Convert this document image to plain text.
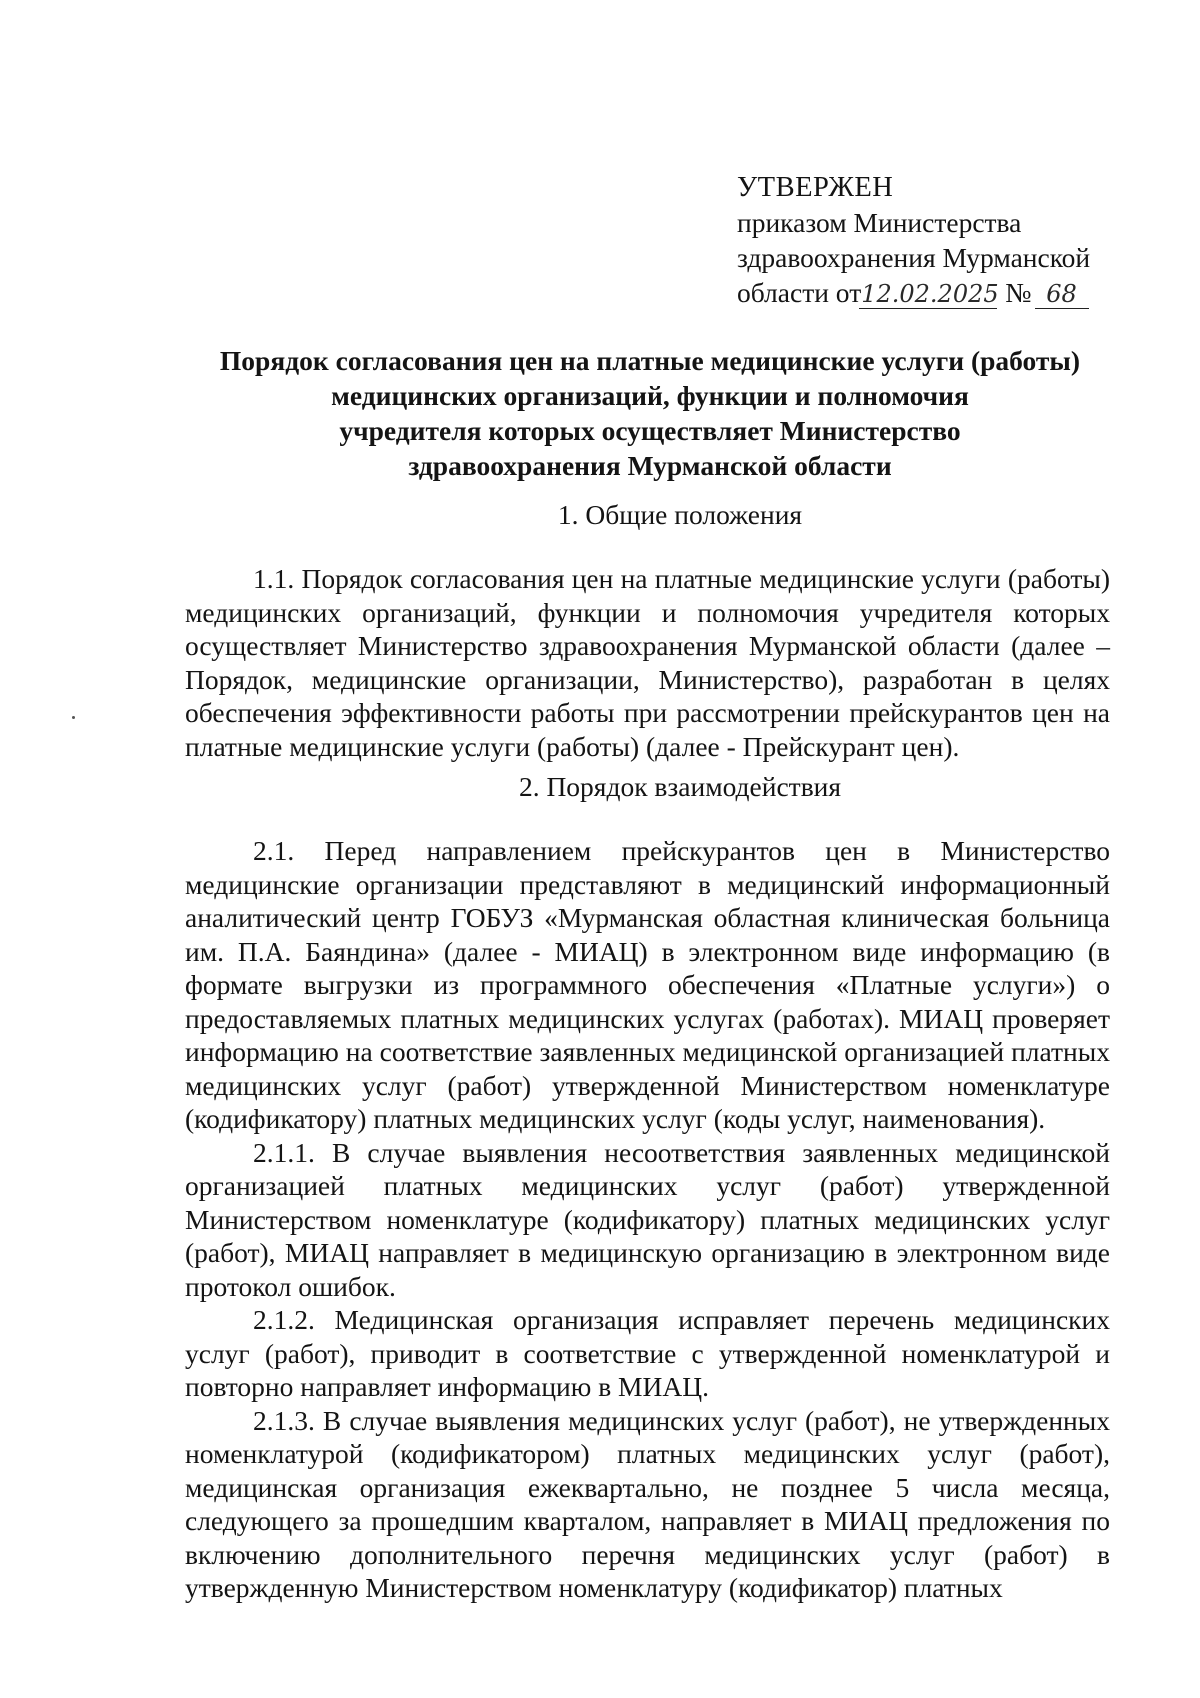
УТВЕРЖЕН
приказом Министерства
здравоохранения Мурманской
области от12.02.2025 № 68
Порядок согласования цен на платные медицинские услуги (работы)
медицинских организаций, функции и полномочия
учредителя которых осуществляет Министерство
здравоохранения Мурманской области
1. Общие положения

1.1. Порядок согласования цен на платные медицинские услуги (работы) медицинских организаций, функции и полномочия учредителя которых осуществляет Министерство здравоохранения Мурманской области (далее – Порядок, медицинские организации, Министерство), разработан в целях обеспечения эффективности работы при рассмотрении прейскурантов цен на платные медицинские услуги (работы) (далее - Прейскурант цен).

2. Порядок взаимодействия

2.1. Перед направлением прейскурантов цен в Министерство медицинские организации представляют в медицинский информационный аналитический центр ГОБУЗ «Мурманская областная клиническая больница им. П.А. Баяндина» (далее - МИАЦ) в электронном виде информацию (в формате выгрузки из программного обеспечения «Платные услуги») о предоставляемых платных медицинских услугах (работах). МИАЦ проверяет информацию на соответствие заявленных медицинской организацией платных медицинских услуг (работ) утвержденной Министерством номенклатуре (кодификатору) платных медицинских услуг (коды услуг, наименования).

2.1.1. В случае выявления несоответствия заявленных медицинской организацией платных медицинских услуг (работ) утвержденной Министерством номенклатуре (кодификатору) платных медицинских услуг (работ), МИАЦ направляет в медицинскую организацию в электронном виде протокол ошибок.

2.1.2. Медицинская организация исправляет перечень медицинских услуг (работ), приводит в соответствие с утвержденной номенклатурой и повторно направляет информацию в МИАЦ.

2.1.3. В случае выявления медицинских услуг (работ), не утвержденных номенклатурой (кодификатором) платных медицинских услуг (работ), медицинская организация ежеквартально, не позднее 5 числа месяца, следующего за прошедшим кварталом, направляет в МИАЦ предложения по включению дополнительного перечня медицинских услуг (работ) в утвержденную Министерством номенклатуру (кодификатор) платных
